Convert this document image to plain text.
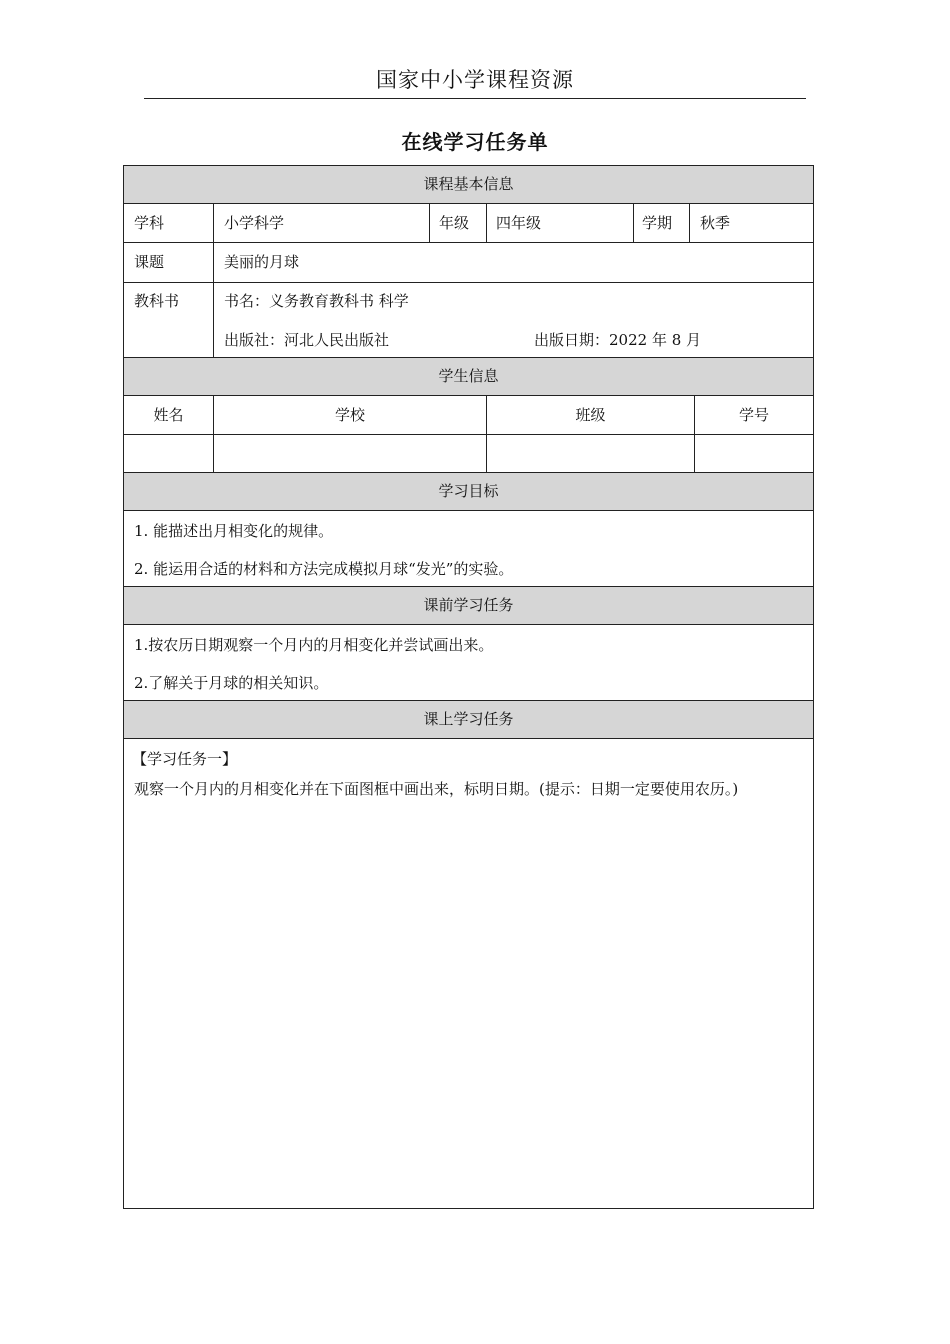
国家中小学课程资源
在线学习任务单
课程基本信息
学科	小学科学	年级 四年级	学期 秋季
课题	美丽的月球
教科书	书名：义务教育教科书 科学
出版社：河北人民出版社	出版日期：2022 年 8 月
学生信息
姓名	学校	班级	学号
学习目标
1. 能描述出月相变化的规律。
2. 能运用合适的材料和方法完成模拟月球“发光”的实验。
课前学习任务
1.按农历日期观察一个月内的月相变化并尝试画出来。
2.了解关于月球的相关知识。
课上学习任务
【学习任务一】
观察一个月内的月相变化并在下面图框中画出来，标明日期。(提示：日期一定要使用农历。)
